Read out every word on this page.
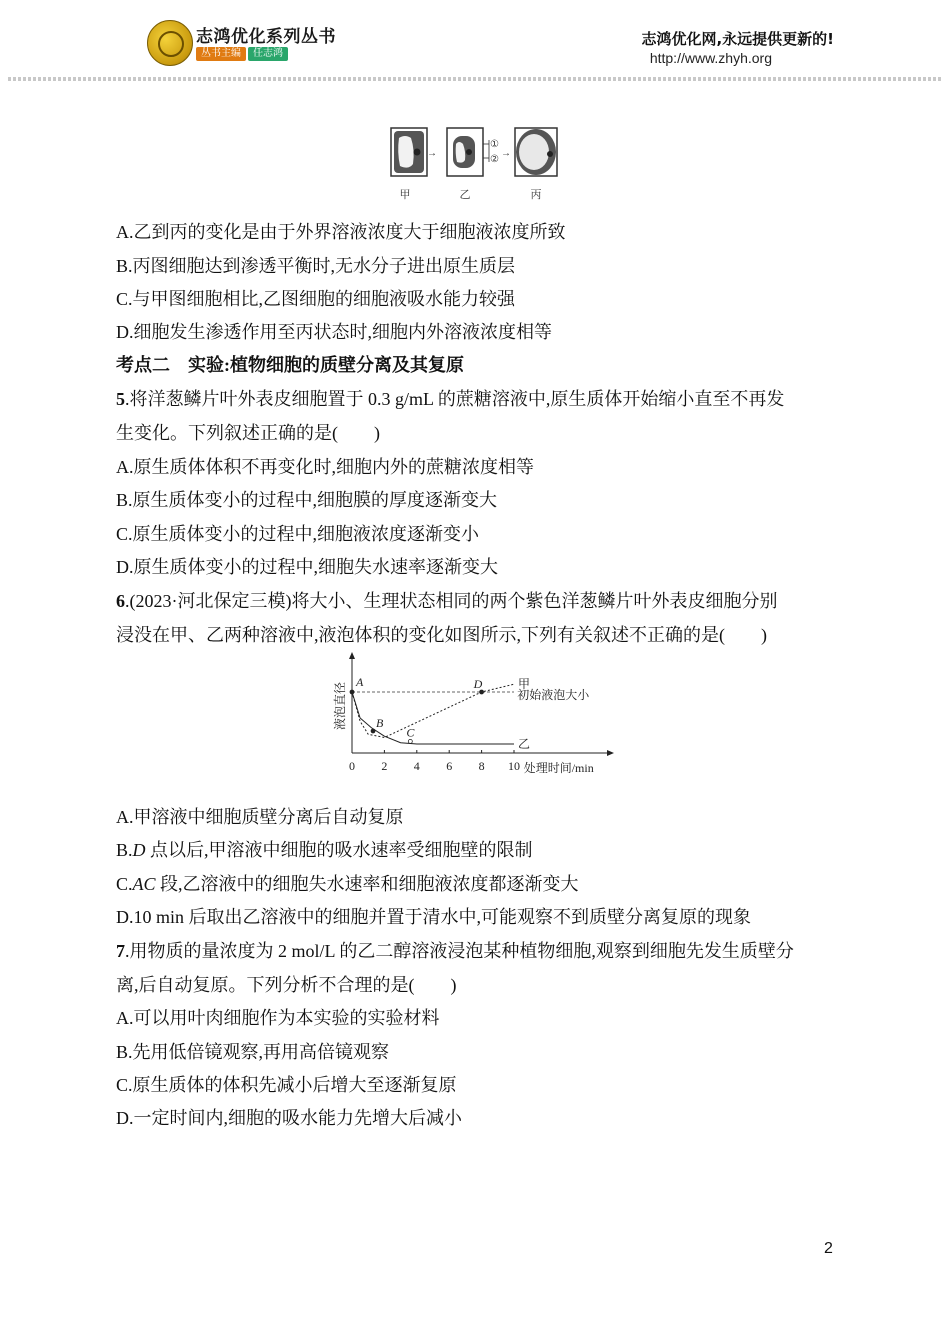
志鸿优化系列丛书
丛书主编	任志鸿
志鸿优化网,永远提供更新的!
http://www.zhyh.org
→
①
②
→
甲	乙	丙
A.乙到丙的变化是由于外界溶液浓度大于细胞液浓度所致
B.丙图细胞达到渗透平衡时,无水分子进出原生质层
C.与甲图细胞相比,乙图细胞的细胞液吸水能力较强
D.细胞发生渗透作用至丙状态时,细胞内外溶液浓度相等
考点二　实验:植物细胞的质壁分离及其复原
5.将洋葱鳞片叶外表皮细胞置于 0.3 g/mL 的蔗糖溶液中,原生质体开始缩小直至不再发
生变化。下列叙述正确的是(　　)
A.原生质体体积不再变化时,细胞内外的蔗糖浓度相等
B.原生质体变小的过程中,细胞膜的厚度逐渐变大
C.原生质体变小的过程中,细胞液浓度逐渐变小
D.原生质体变小的过程中,细胞失水速率逐渐变大
6.(2023·河北保定三模)将大小、生理状态相同的两个紫色洋葱鳞片叶外表皮细胞分别
浸没在甲、乙两种溶液中,液泡体积的变化如图所示,下列有关叙述不正确的是(　　)
液泡直径
0 2 4 6 8 10
初始液泡大小
甲
乙
A
B
C
D
处理时间/min
A.甲溶液中细胞质壁分离后自动复原
B.D 点以后,甲溶液中细胞的吸水速率受细胞壁的限制
C.AC 段,乙溶液中的细胞失水速率和细胞液浓度都逐渐变大
D.10 min 后取出乙溶液中的细胞并置于清水中,可能观察不到质壁分离复原的现象
7.用物质的量浓度为 2 mol/L 的乙二醇溶液浸泡某种植物细胞,观察到细胞先发生质壁分
离,后自动复原。下列分析不合理的是(　　)
A.可以用叶肉细胞作为本实验的实验材料
B.先用低倍镜观察,再用高倍镜观察
C.原生质体的体积先减小后增大至逐渐复原
D.一定时间内,细胞的吸水能力先增大后减小
2
